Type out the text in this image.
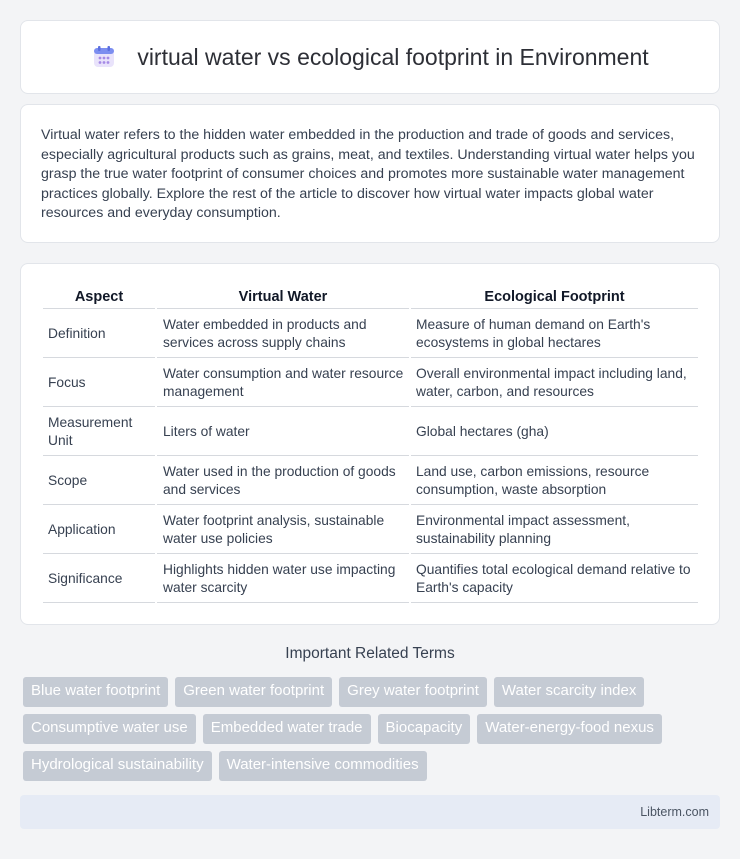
virtual water vs ecological footprint in Environment

Virtual water refers to the hidden water embedded in the production and trade of goods and services, especially agricultural products such as grains, meat, and textiles. Understanding virtual water helps you grasp the true water footprint of consumer choices and promotes more sustainable water management practices globally. Explore the rest of the article to discover how virtual water impacts global water resources and everyday consumption.

Aspect	Virtual Water	Ecological Footprint
Definition	Water embedded in products and services across supply chains	Measure of human demand on Earth's ecosystems in global hectares
Focus	Water consumption and water resource management	Overall environmental impact including land, water, carbon, and resources
Measurement Unit	Liters of water	Global hectares (gha)
Scope	Water used in the production of goods and services	Land use, carbon emissions, resource consumption, waste absorption
Application	Water footprint analysis, sustainable water use policies	Environmental impact assessment, sustainability planning
Significance	Highlights hidden water use impacting water scarcity	Quantifies total ecological demand relative to Earth's capacity
Important Related Terms
Blue water footprint	Green water footprint	Grey water footprint	Water scarcity index
Consumptive water use	Embedded water trade	Biocapacity	Water-energy-food nexus
Hydrological sustainability	Water-intensive commodities
Libterm.com
